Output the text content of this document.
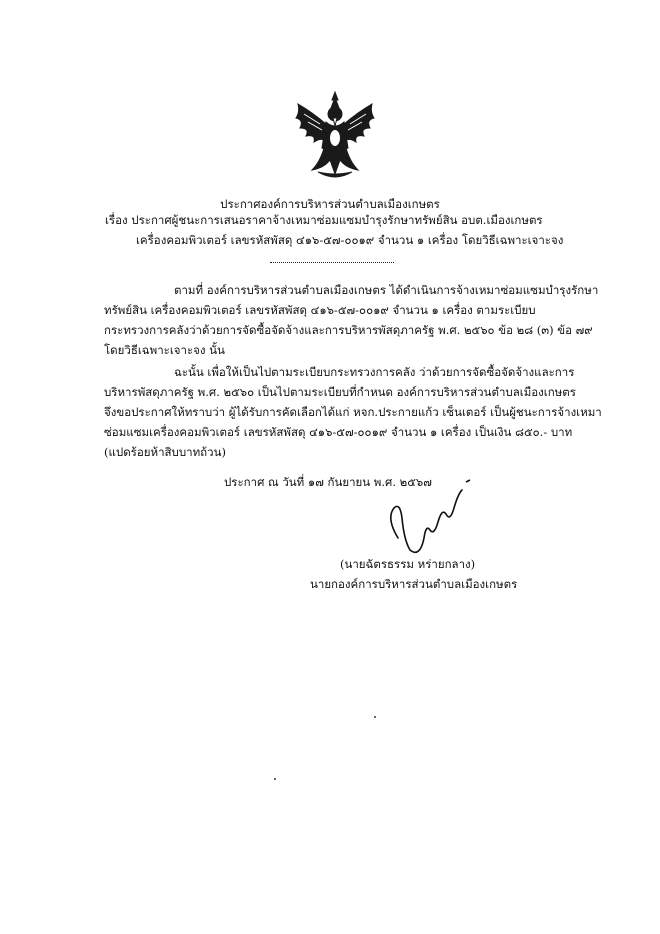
ประกาศองค์การบริหารส่วนตำบลเมืองเกษตร
เรื่อง ประกาศผู้ชนะการเสนอราคาจ้างเหมาซ่อมแซมบำรุงรักษาทรัพย์สิน อบต.เมืองเกษตร
เครื่องคอมพิวเตอร์ เลขรหัสพัสดุ ๔๑๖-๕๗-๐๐๑๙ จำนวน ๑ เครื่อง โดยวิธีเฉพาะเจาะจง
ตามที่ องค์การบริหารส่วนตำบลเมืองเกษตร ได้ดำเนินการจ้างเหมาซ่อมแซมบำรุงรักษา
ทรัพย์สิน เครื่องคอมพิวเตอร์ เลขรหัสพัสดุ ๔๑๖-๕๗-๐๐๑๙ จำนวน ๑ เครื่อง ตามระเบียบ
กระทรวงการคลังว่าด้วยการจัดซื้อจัดจ้างและการบริหารพัสดุภาครัฐ พ.ศ. ๒๕๖๐ ข้อ ๒๘ (๓) ข้อ ๗๙
โดยวิธีเฉพาะเจาะจง นั้น
ฉะนั้น เพื่อให้เป็นไปตามระเบียบกระทรวงการคลัง ว่าด้วยการจัดซื้อจัดจ้างและการ
บริหารพัสดุภาครัฐ พ.ศ. ๒๕๖๐ เป็นไปตามระเบียบที่กำหนด องค์การบริหารส่วนตำบลเมืองเกษตร
จึงขอประกาศให้ทราบว่า ผู้ได้รับการคัดเลือกได้แก่ หจก.ประกายแก้ว เซ็นเตอร์ เป็นผู้ชนะการจ้างเหมา
ซ่อมแซมเครื่องคอมพิวเตอร์ เลขรหัสพัสดุ ๔๑๖-๕๗-๐๐๑๙ จำนวน ๑ เครื่อง เป็นเงิน ๘๕๐.- บาท
(แปดร้อยห้าสิบบาทถ้วน)
ประกาศ ณ วันที่ ๑๗ กันยายน พ.ศ. ๒๕๖๗
(นายฉัตรธรรม หร่ายกลาง)
นายกองค์การบริหารส่วนตำบลเมืองเกษตร
